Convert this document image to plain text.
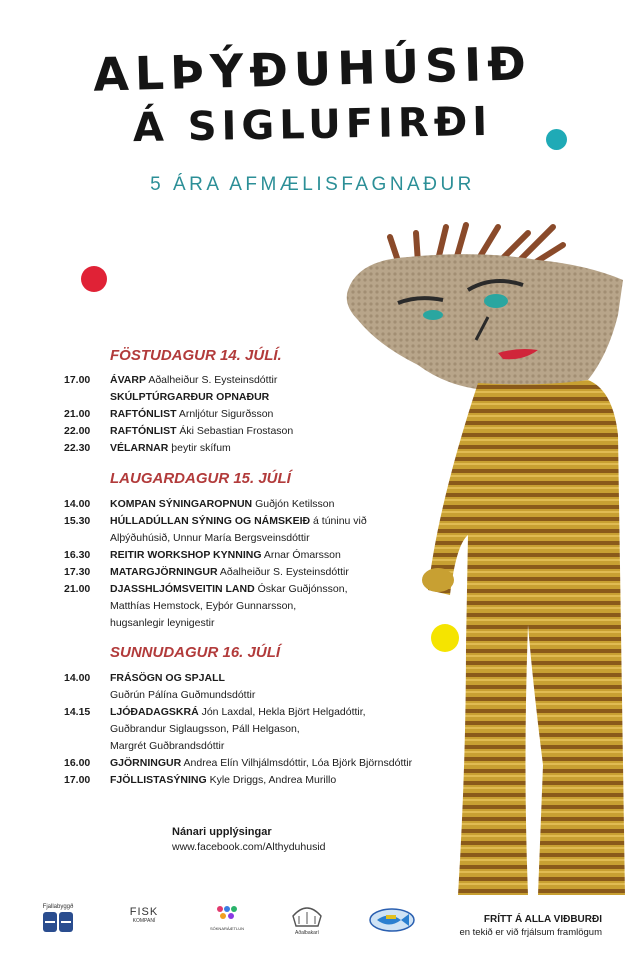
ALÞÝÐUHÚSIÐ
Á SIGLUFIRÐI
5 ÁRA AFMÆLISFAGNAÐUR
FÖSTUDAGUR 14. JÚLÍ.
17.00 ÁVARP Aðalheiður S. Eysteinsdóttir
SKÚLPTÚRGARÐUR OPNAÐUR
21.00 RAFTÓNLIST Arnljótur Sigurðsson
22.00 RAFTÓNLIST Áki Sebastian Frostason
22.30 VÉLARNAR þeytir skífum
LAUGARDAGUR 15. JÚLÍ
14.00 KOMPAN SÝNINGAROPNUN Guðjón Ketilsson
15.30 HÚLLADÚLLAN SÝNING OG NÁMSKEIÐ á túninu við
Alþýðuhúsið, Unnur María Bergsveinsdóttir
16.30 REITIR WORKSHOP KYNNING Arnar Ómarsson
17.30 MATARGJÖRNINGUR Aðalheiður S. Eysteinsdóttir
21.00 DJASSHLJÓMSVEITIN LAND Óskar Guðjónsson,
Matthías Hemstock, Eyþór Gunnarsson,
hugsanlegir leynigestir
SUNNUDAGUR 16. JÚLÍ
14.00 FRÁSÖGN OG SPJALL
Guðrún Pálína Guðmundsdóttir
14.15 LJÓÐADAGSKRÁ Jón Laxdal, Hekla Björt Helgadóttir,
Guðbrandur Siglaugsson, Páll Helgason,
Margrét Guðbrandsdóttir
16.00 GJÖRNINGUR Andrea Elín Vilhjálmsdóttir, Lóa Björk Björnsdóttir
17.00 FJÖLLISTASÝNING Kyle Driggs, Andrea Murillo
Nánari upplýsingar
www.facebook.com/Althyduhusid
Fjallabyggð	FISK
KOMPANÍ
SÓKNARÁÆTLUN
Aðalbakarí
FRÍTT Á ALLA VIÐBURÐI
en tekið er við frjálsum framlögum
